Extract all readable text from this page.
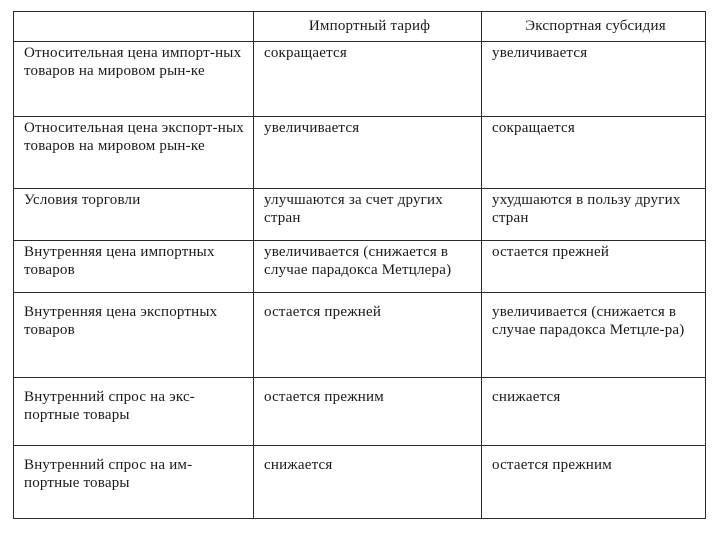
	Импортный тариф	Экспортная субсидия
Относительная цена импорт-ных товаров на мировом рын-ке	сокращается	увеличивается
Относительная цена экспорт-ных товаров на мировом рын-ке	увеличивается	сокращается
Условия торговли	улучшаются за счет других стран	ухудшаются в пользу других стран
Внутренняя цена импортных товаров	увеличивается (снижается в случае парадокса Метцлера)	остается прежней
Внутренняя цена экспортных товаров	остается прежней	увеличивается (снижается в случае парадокса Метцле-ра)
Внутренний спрос на экс-портные товары	остается прежним	снижается
Внутренний спрос на им-портные товары	снижается	остается прежним
